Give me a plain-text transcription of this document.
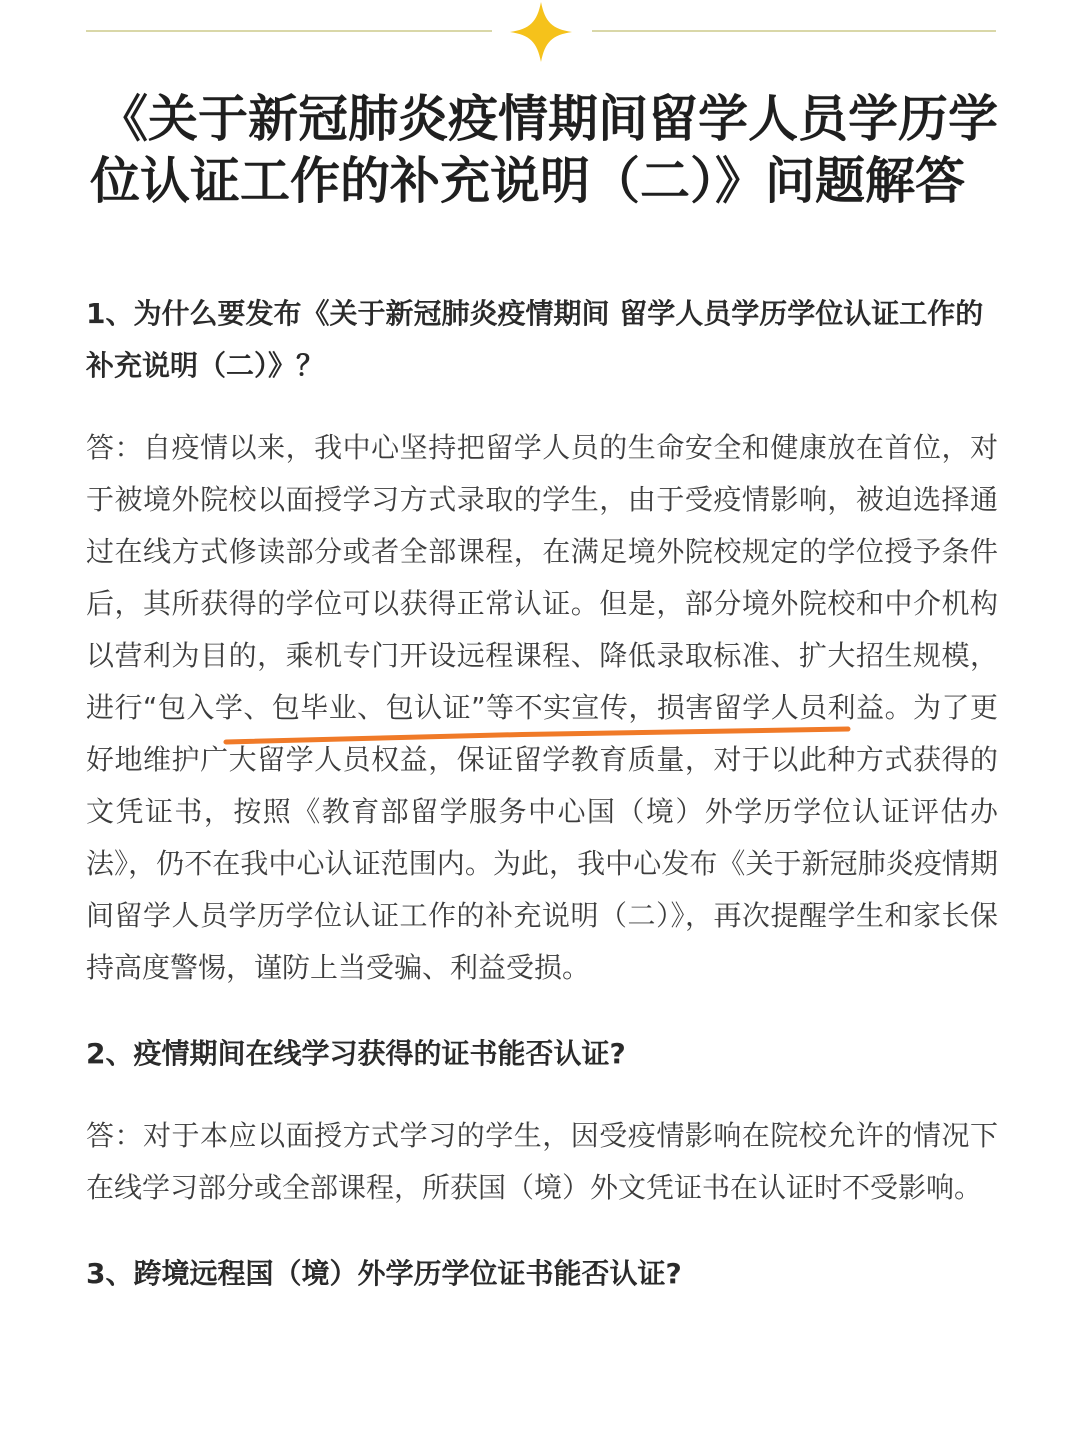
《关于新冠肺炎疫情期间留学人员学历学位认证工作的补充说明（二）》问题解答

1、为什么要发布《关于新冠肺炎疫情期间 留学人员学历学位认证工作的补充说明（二）》？

答：自疫情以来，我中心坚持把留学人员的生命安全和健康放在首位，对于被境外院校以面授学习方式录取的学生，由于受疫情影响，被迫选择通过在线方式修读部分或者全部课程，在满足境外院校规定的学位授予条件后，其所获得的学位可以获得正常认证。但是，部分境外院校和中介机构以营利为目的，乘机专门开设远程课程、降低录取标准、扩大招生规模，进行“包入学、包毕业、包认证”等不实宣传，损害留学人员利益。为了更好地维护广大留学人员权益，保证留学教育质量，对于以此种方式获得的文凭证书，按照《教育部留学服务中心国（境）外学历学位认证评估办法》，仍不在我中心认证范围内。为此，我中心发布《关于新冠肺炎疫情期间留学人员学历学位认证工作的补充说明（二）》，再次提醒学生和家长保持高度警惕，谨防上当受骗、利益受损。

2、疫情期间在线学习获得的证书能否认证?

答：对于本应以面授方式学习的学生，因受疫情影响在院校允许的情况下在线学习部分或全部课程，所获国（境）外文凭证书在认证时不受影响。

3、跨境远程国（境）外学历学位证书能否认证?
